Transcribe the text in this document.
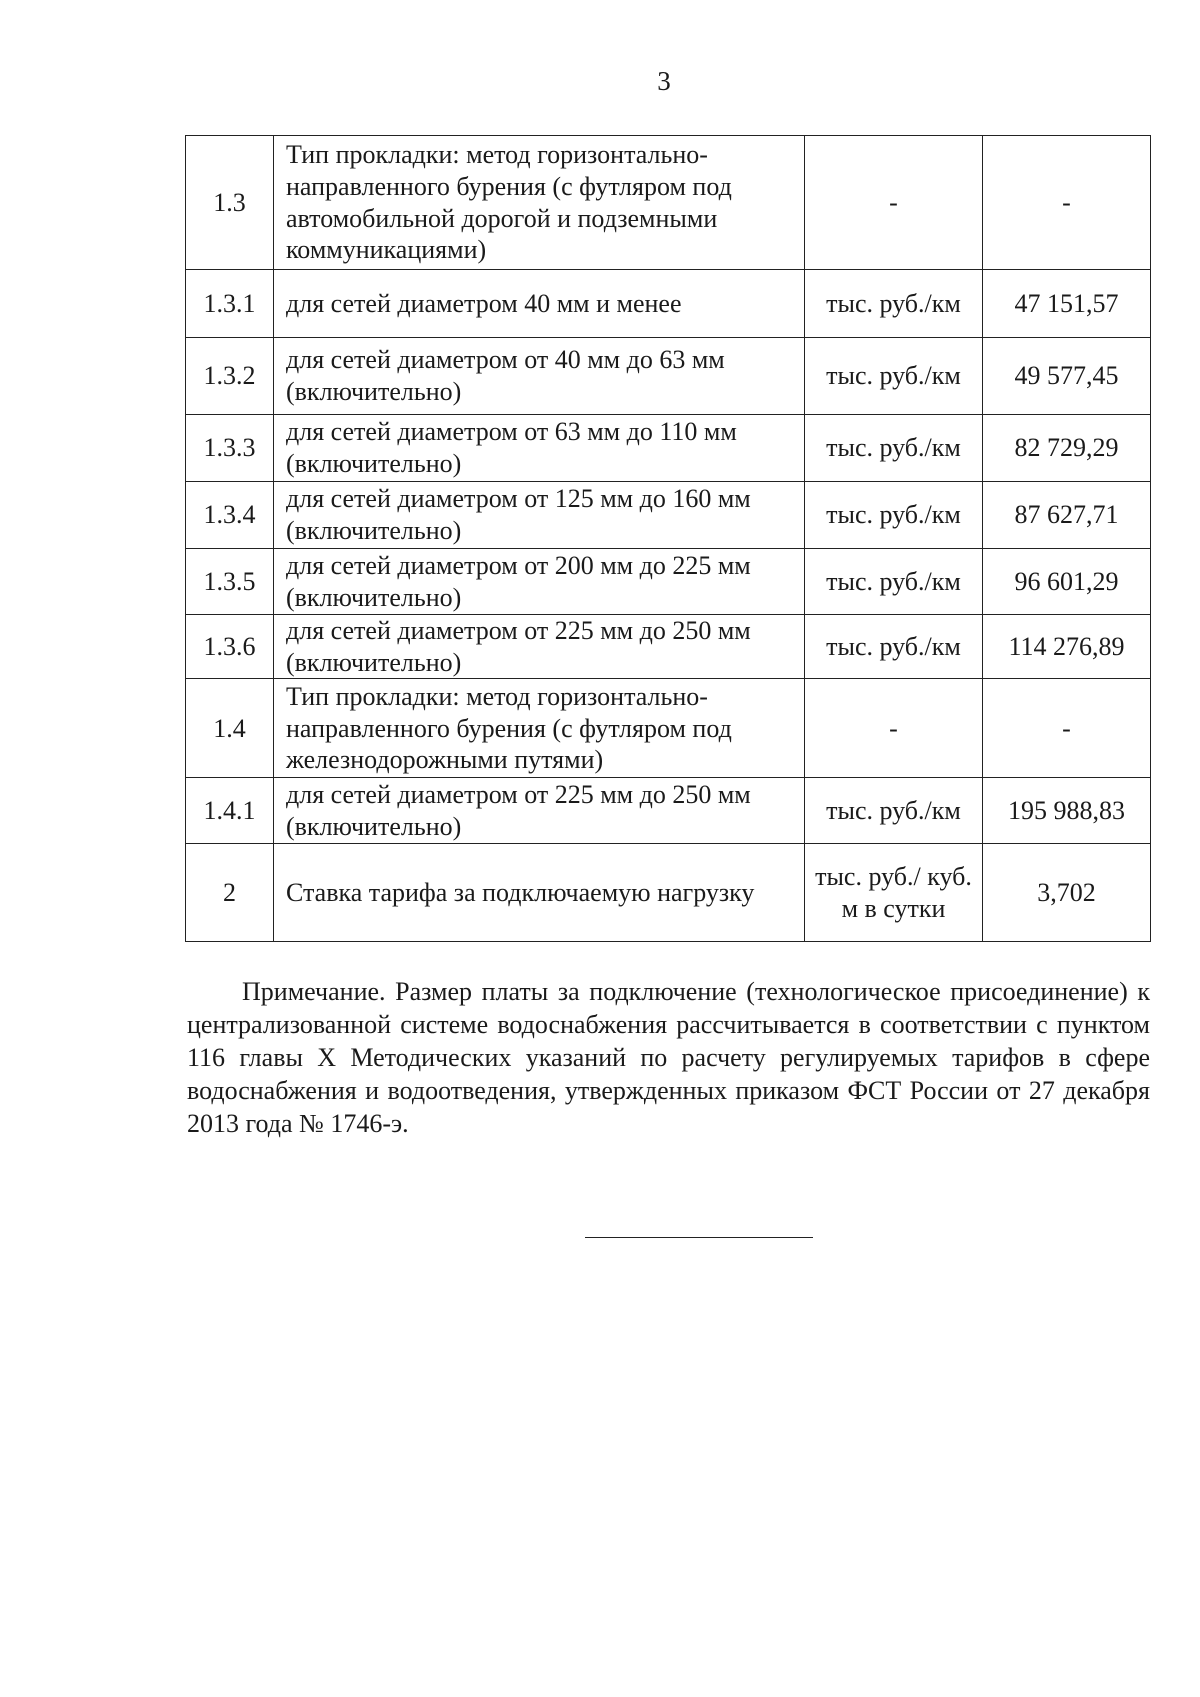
3
1.3	Тип прокладки: метод горизонтально-направленного бурения (с футляром под автомобильной дорогой и подземными коммуникациями)	-	-
1.3.1	для сетей диаметром 40 мм и менее	тыс. руб./км	47 151,57
1.3.2	для сетей диаметром от 40 мм до 63 мм (включительно)	тыс. руб./км	49 577,45
1.3.3	для сетей диаметром от 63 мм до 110 мм (включительно)	тыс. руб./км	82 729,29
1.3.4	для сетей диаметром от 125 мм до 160 мм (включительно)	тыс. руб./км	87 627,71
1.3.5	для сетей диаметром от 200 мм до 225 мм (включительно)	тыс. руб./км	96 601,29
1.3.6	для сетей диаметром от 225 мм до 250 мм (включительно)	тыс. руб./км	114 276,89
1.4	Тип прокладки: метод горизонтально-направленного бурения (с футляром под железнодорожными путями)	-	-
1.4.1	для сетей диаметром от 225 мм до 250 мм (включительно)	тыс. руб./км	195 988,83
2	Ставка тарифа за подключаемую нагрузку	тыс. руб./ куб. м в сутки	3,702

Примечание. Размер платы за подключение (технологическое присоединение) к централизованной системе водоснабжения рассчитывается в соответствии с пунктом 116 главы X Методических указаний по расчету регулируемых тарифов в сфере водоснабжения и водоотведения, утвержденных приказом ФСТ России от 27 декабря 2013 года № 1746-э.
